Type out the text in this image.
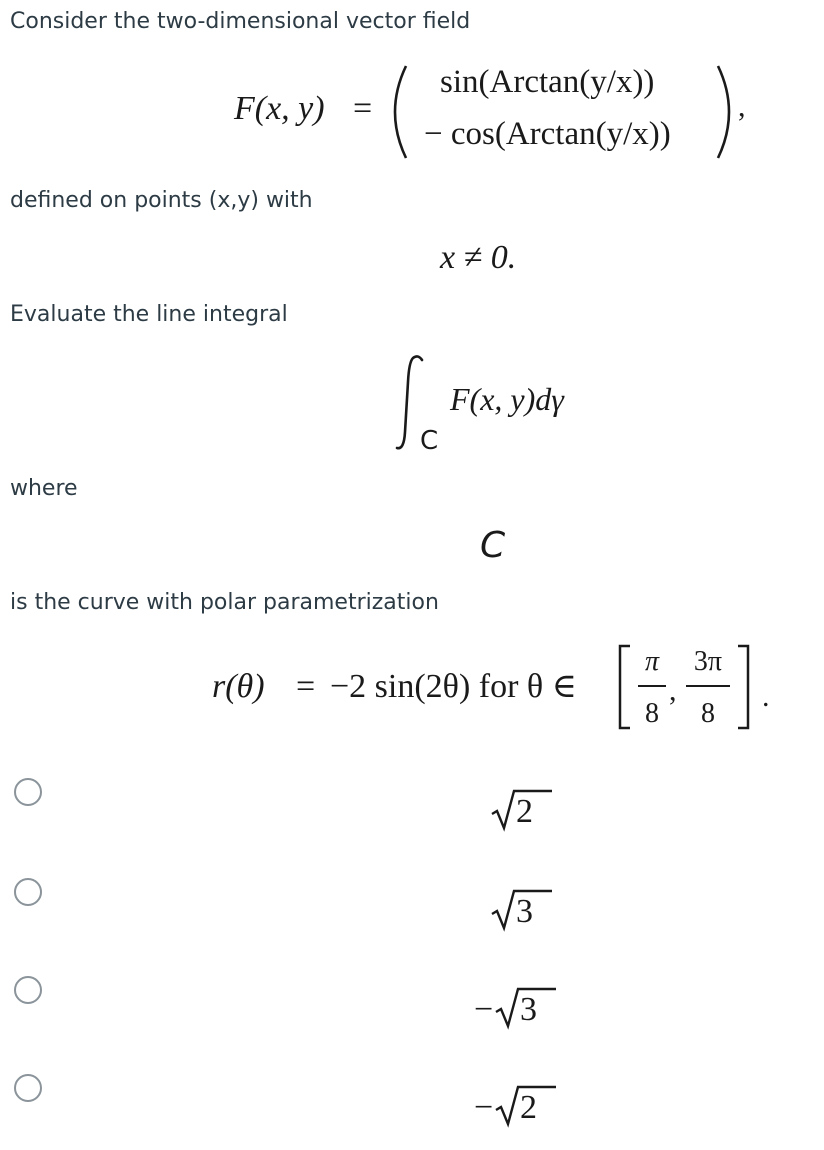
Consider the two-dimensional vector field
F(x, y) =
sin(Arctan(y/x))
− cos(Arctan(y/x))
,
defined on points (x,y) with
x ≠ 0.
Evaluate the line integral
C
F(x, y)dγ
where
C
is the curve with polar parametrization
r(θ) = −2 sin(2θ) for θ ∈
π
8
,
3π
8
.
2
3
− 3
− 2
